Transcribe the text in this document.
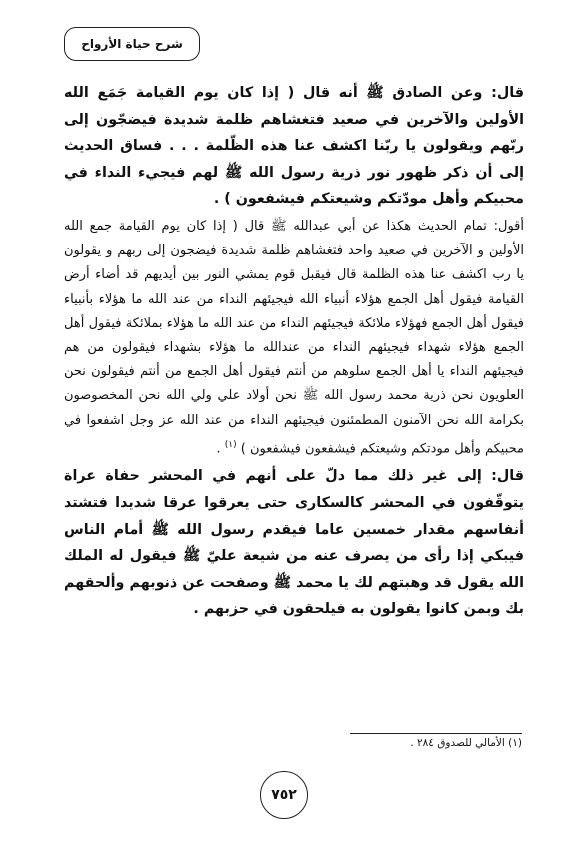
شرح حياة الأرواح

قال: وعن الصادق ﷺ أنه قال ( إذا كان يوم القيامة جَمَع الله الأولين والآخرين في صعيد فتغشاهم ظلمة شديدة فيضجّون إلى ربّهم ويقولون يا ربّنا اكشف عنا هذه الظّلمة . . . فساق الحديث إلى أن ذكر ظهور نور ذرية رسول الله ﷺ لهم فيجيء النداء في محبيكم وأهل مودّتكم وشيعتكم فيشفعون ) .

أقول: تمام الحديث هكذا عن أبي عبدالله ﷺ قال ( إذا كان يوم القيامة جمع الله الأولين و الآخرين في صعيد واحد فتغشاهم ظلمة شديدة فيضجون إلى ربهم و يقولون يا رب اكشف عنا هذه الظلمة قال فيقبل قوم يمشي النور بين أيديهم قد أضاء أرض القيامة فيقول أهل الجمع هؤلاء أنبياء الله فيجيئهم النداء من عند الله ما هؤلاء بأنبياء فيقول أهل الجمع فهؤلاء ملائكة فيجيئهم النداء من عند الله ما هؤلاء بملائكة فيقول أهل الجمع هؤلاء شهداء فيجيئهم النداء من عندالله ما هؤلاء بشهداء فيقولون من هم فيجيئهم النداء يا أهل الجمع سلوهم من أنتم فيقول أهل الجمع من أنتم فيقولون نحن العلويون نحن ذرية محمد رسول الله ﷺ نحن أولاد علي ولي الله نحن المخصوصون بكرامة الله نحن الآمنون المطمئنون فيجيئهم النداء من عند الله عز وجل اشفعوا في محبيكم وأهل مودتكم وشيعتكم فيشفعون فيشفعون ) $^{(١)}$ .

قال: إلى غير ذلك مما دلّ على أنهم في المحشر حفاة عراة يتوقّفون في المحشر كالسكارى حتى يعرقوا عرقا شديدا فتشتد أنفاسهم مقدار خمسين عاما فيقدم رسول الله ﷺ أمام الناس فيبكي إذا رأى من يصرف عنه من شيعة عليّ ﷺ فيقول له الملك الله يقول قد وهبتهم لك يا محمد ﷺ وصفحت عن ذنوبهم وألحقهم بك وبمن كانوا يقولون به فيلحقون في حزبهم .

(١) الأمالي للصدوق ٢٨٤ .
٧٥٢
